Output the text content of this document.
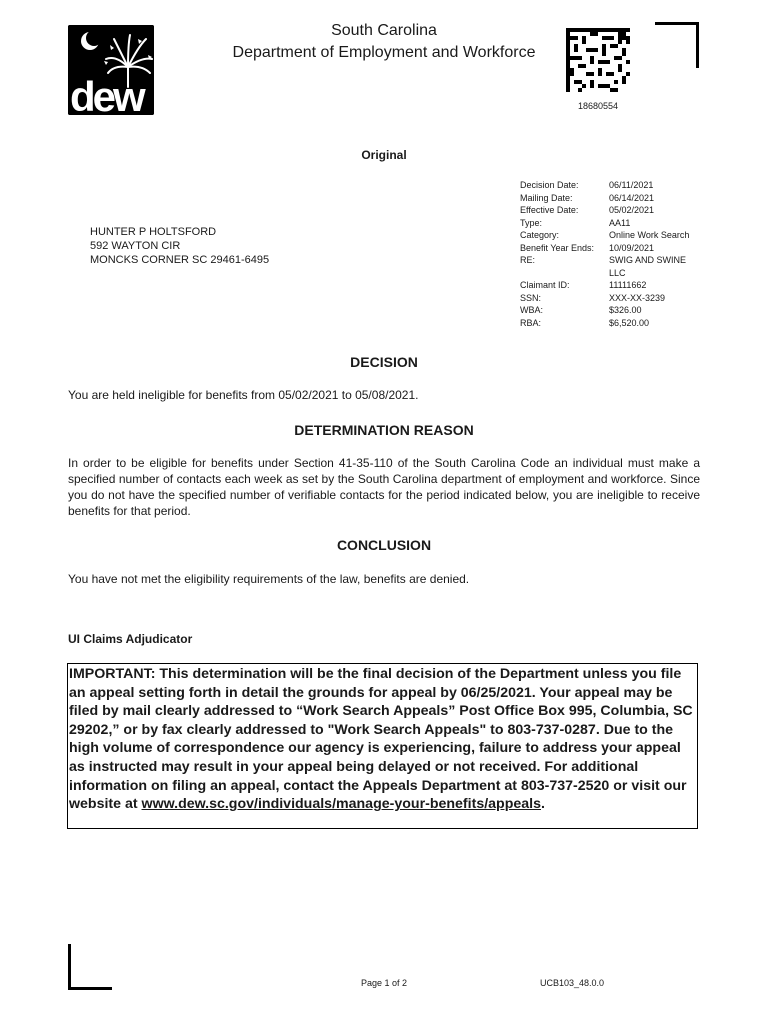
dew
South Carolina
Department of Employment and Workforce
18680554
Original
Decision Date:	06/11/2021
Mailing Date:	06/14/2021
Effective Date:	05/02/2021
Type:	AA11
Category:	Online Work Search
Benefit Year Ends:	10/09/2021
RE:	SWIG AND SWINE LLC
Claimant ID:	11111662
SSN:	XXX-XX-3239
WBA:	$326.00
RBA:	$6,520.00
HUNTER P HOLTSFORD
592 WAYTON CIR
MONCKS CORNER SC 29461-6495
DECISION
You are held ineligible for benefits from 05/02/2021 to 05/08/2021.
DETERMINATION REASON
In order to be eligible for benefits under Section 41-35-110 of the South Carolina Code an individual must make a specified number of contacts each week as set by the South Carolina department of employment and workforce. Since you do not have the specified number of verifiable contacts for the period indicated below, you are ineligible to receive benefits for that period.
CONCLUSION
You have not met the eligibility requirements of the law, benefits are denied.
UI Claims Adjudicator
IMPORTANT: This determination will be the final decision of the Department unless you file an appeal setting forth in detail the grounds for appeal by 06/25/2021. Your appeal may be filed by mail clearly addressed to “Work Search Appeals” Post Office Box 995, Columbia, SC 29202,” or by fax clearly addressed to "Work Search Appeals" to 803-737-0287. Due to the high volume of correspondence our agency is experiencing, failure to address your appeal as instructed may result in your appeal being delayed or not received. For additional information on filing an appeal, contact the Appeals Department at 803-737-2520 or visit our website at www.dew.sc.gov/individuals/manage-your-benefits/appeals.
Page 1 of 2	UCB103_48.0.0
